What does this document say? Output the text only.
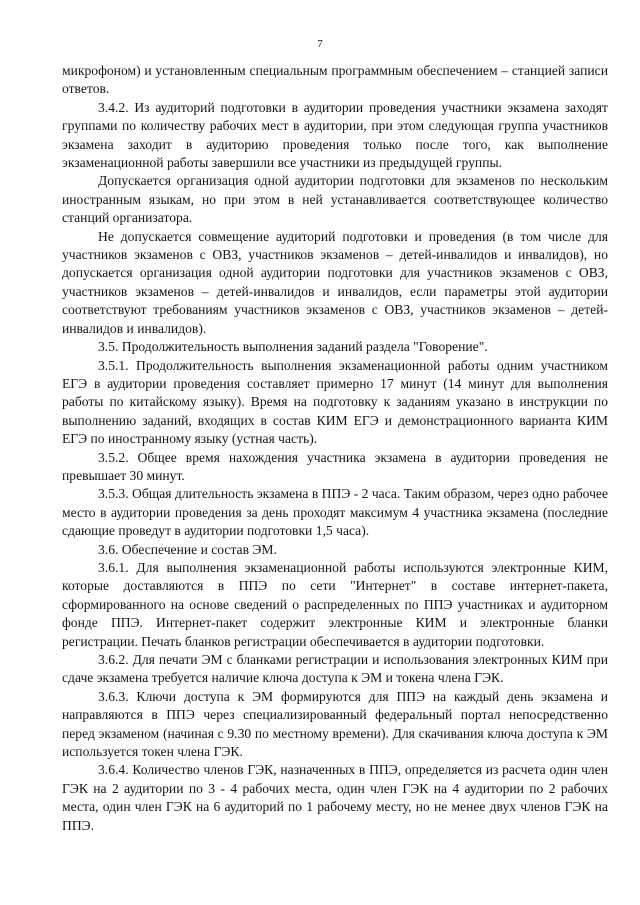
7

микрофоном) и установленным специальным программным обеспечением – станцией записи ответов.

3.4.2. Из аудиторий подготовки в аудитории проведения участники экзамена заходят группами по количеству рабочих мест в аудитории, при этом следующая группа участников экзамена заходит в аудиторию проведения только после того, как выполнение экзаменационной работы завершили все участники из предыдущей группы.

Допускается организация одной аудитории подготовки для экзаменов по нескольким иностранным языкам, но при этом в ней устанавливается соответствующее количество станций организатора.

Не допускается совмещение аудиторий подготовки и проведения (в том числе для участников экзаменов с ОВЗ, участников экзаменов – детей-инвалидов и инвалидов), но допускается организация одной аудитории подготовки для участников экзаменов с ОВЗ, участников экзаменов – детей-инвалидов и инвалидов, если параметры этой аудитории соответствуют требованиям участников экзаменов с ОВЗ, участников экзаменов – детей-инвалидов и инвалидов).

3.5. Продолжительность выполнения заданий раздела "Говорение".

3.5.1. Продолжительность выполнения экзаменационной работы одним участником ЕГЭ в аудитории проведения составляет примерно 17 минут (14 минут для выполнения работы по китайскому языку). Время на подготовку к заданиям указано в инструкции по выполнению заданий, входящих в состав КИМ ЕГЭ и демонстрационного варианта КИМ ЕГЭ по иностранному языку (устная часть).

3.5.2. Общее время нахождения участника экзамена в аудитории проведения не превышает 30 минут.

3.5.3. Общая длительность экзамена в ППЭ - 2 часа. Таким образом, через одно рабочее место в аудитории проведения за день проходят максимум 4 участника экзамена (последние сдающие проведут в аудитории подготовки 1,5 часа).

3.6. Обеспечение и состав ЭМ.

3.6.1. Для выполнения экзаменационной работы используются электронные КИМ, которые доставляются в ППЭ по сети "Интернет" в составе интернет-пакета, сформированного на основе сведений о распределенных по ППЭ участниках и аудиторном фонде ППЭ. Интернет-пакет содержит электронные КИМ и электронные бланки регистрации. Печать бланков регистрации обеспечивается в аудитории подготовки.

3.6.2. Для печати ЭМ с бланками регистрации и использования электронных КИМ при сдаче экзамена требуется наличие ключа доступа к ЭМ и токена члена ГЭК.

3.6.3. Ключи доступа к ЭМ формируются для ППЭ на каждый день экзамена и направляются в ППЭ через специализированный федеральный портал непосредственно перед экзаменом (начиная с 9.30 по местному времени). Для скачивания ключа доступа к ЭМ используется токен члена ГЭК.

3.6.4. Количество членов ГЭК, назначенных в ППЭ, определяется из расчета один член ГЭК на 2 аудитории по 3 - 4 рабочих места, один член ГЭК на 4 аудитории по 2 рабочих места, один член ГЭК на 6 аудиторий по 1 рабочему месту, но не менее двух членов ГЭК на ППЭ.
